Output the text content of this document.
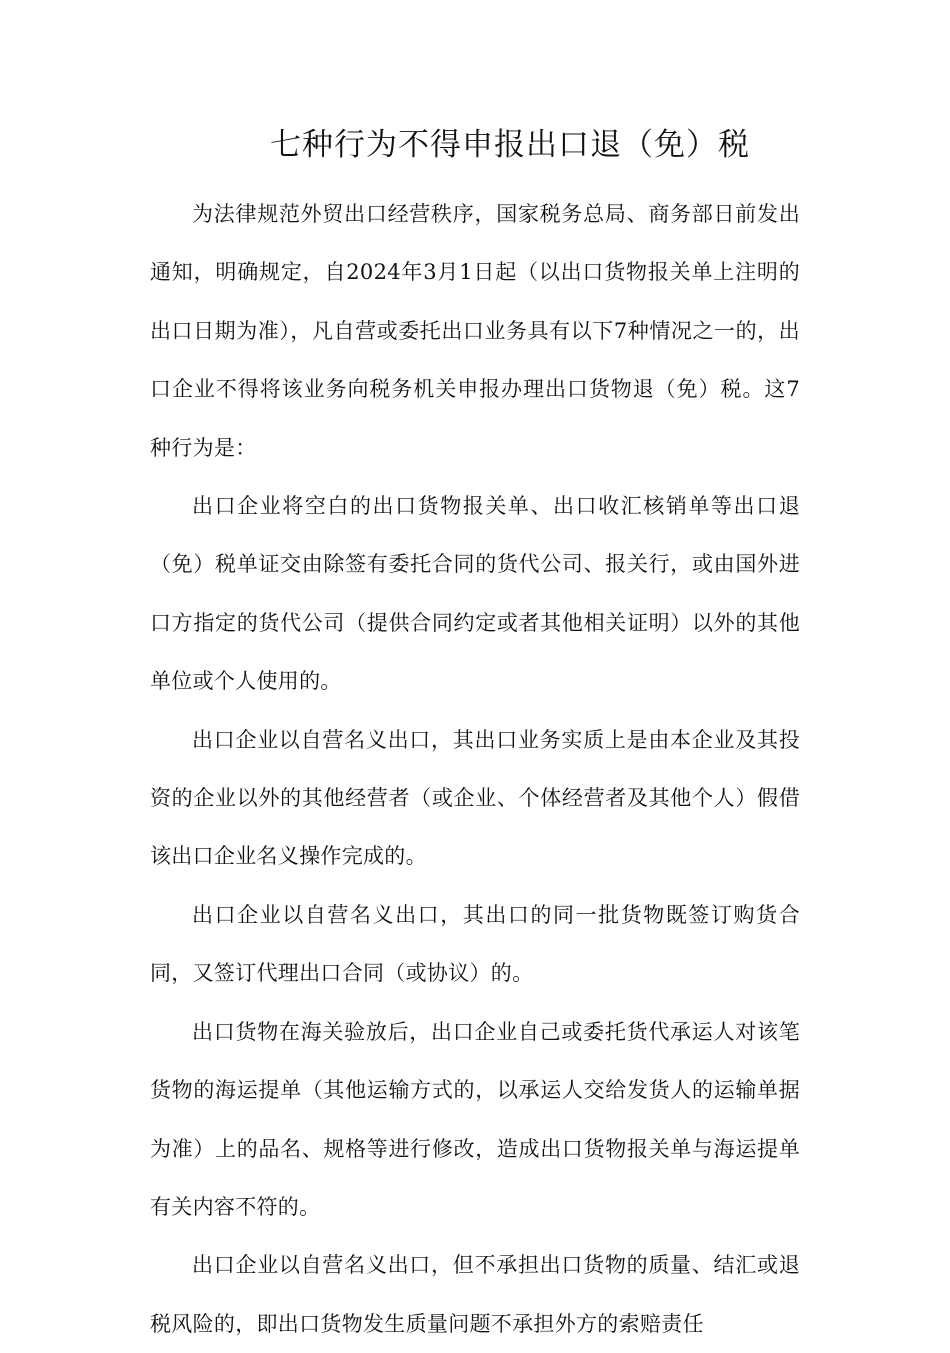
七种行为不得申报出口退（免）税

为法律规范外贸出口经营秩序，国家税务总局、商务部日前发出通知，明确规定，自2024年3月1日起（以出口货物报关单上注明的出口日期为准），凡自营或委托出口业务具有以下7种情况之一的，出口企业不得将该业务向税务机关申报办理出口货物退（免）税。这7种行为是：

出口企业将空白的出口货物报关单、出口收汇核销单等出口退（免）税单证交由除签有委托合同的货代公司、报关行，或由国外进口方指定的货代公司（提供合同约定或者其他相关证明）以外的其他单位或个人使用的。

出口企业以自营名义出口，其出口业务实质上是由本企业及其投资的企业以外的其他经营者（或企业、个体经营者及其他个人）假借该出口企业名义操作完成的。

出口企业以自营名义出口，其出口的同一批货物既签订购货合同，又签订代理出口合同（或协议）的。

出口货物在海关验放后，出口企业自己或委托货代承运人对该笔货物的海运提单（其他运输方式的，以承运人交给发货人的运输单据为准）上的品名、规格等进行修改，造成出口货物报关单与海运提单有关内容不符的。

出口企业以自营名义出口，但不承担出口货物的质量、结汇或退税风险的，即出口货物发生质量问题不承担外方的索赔责任
